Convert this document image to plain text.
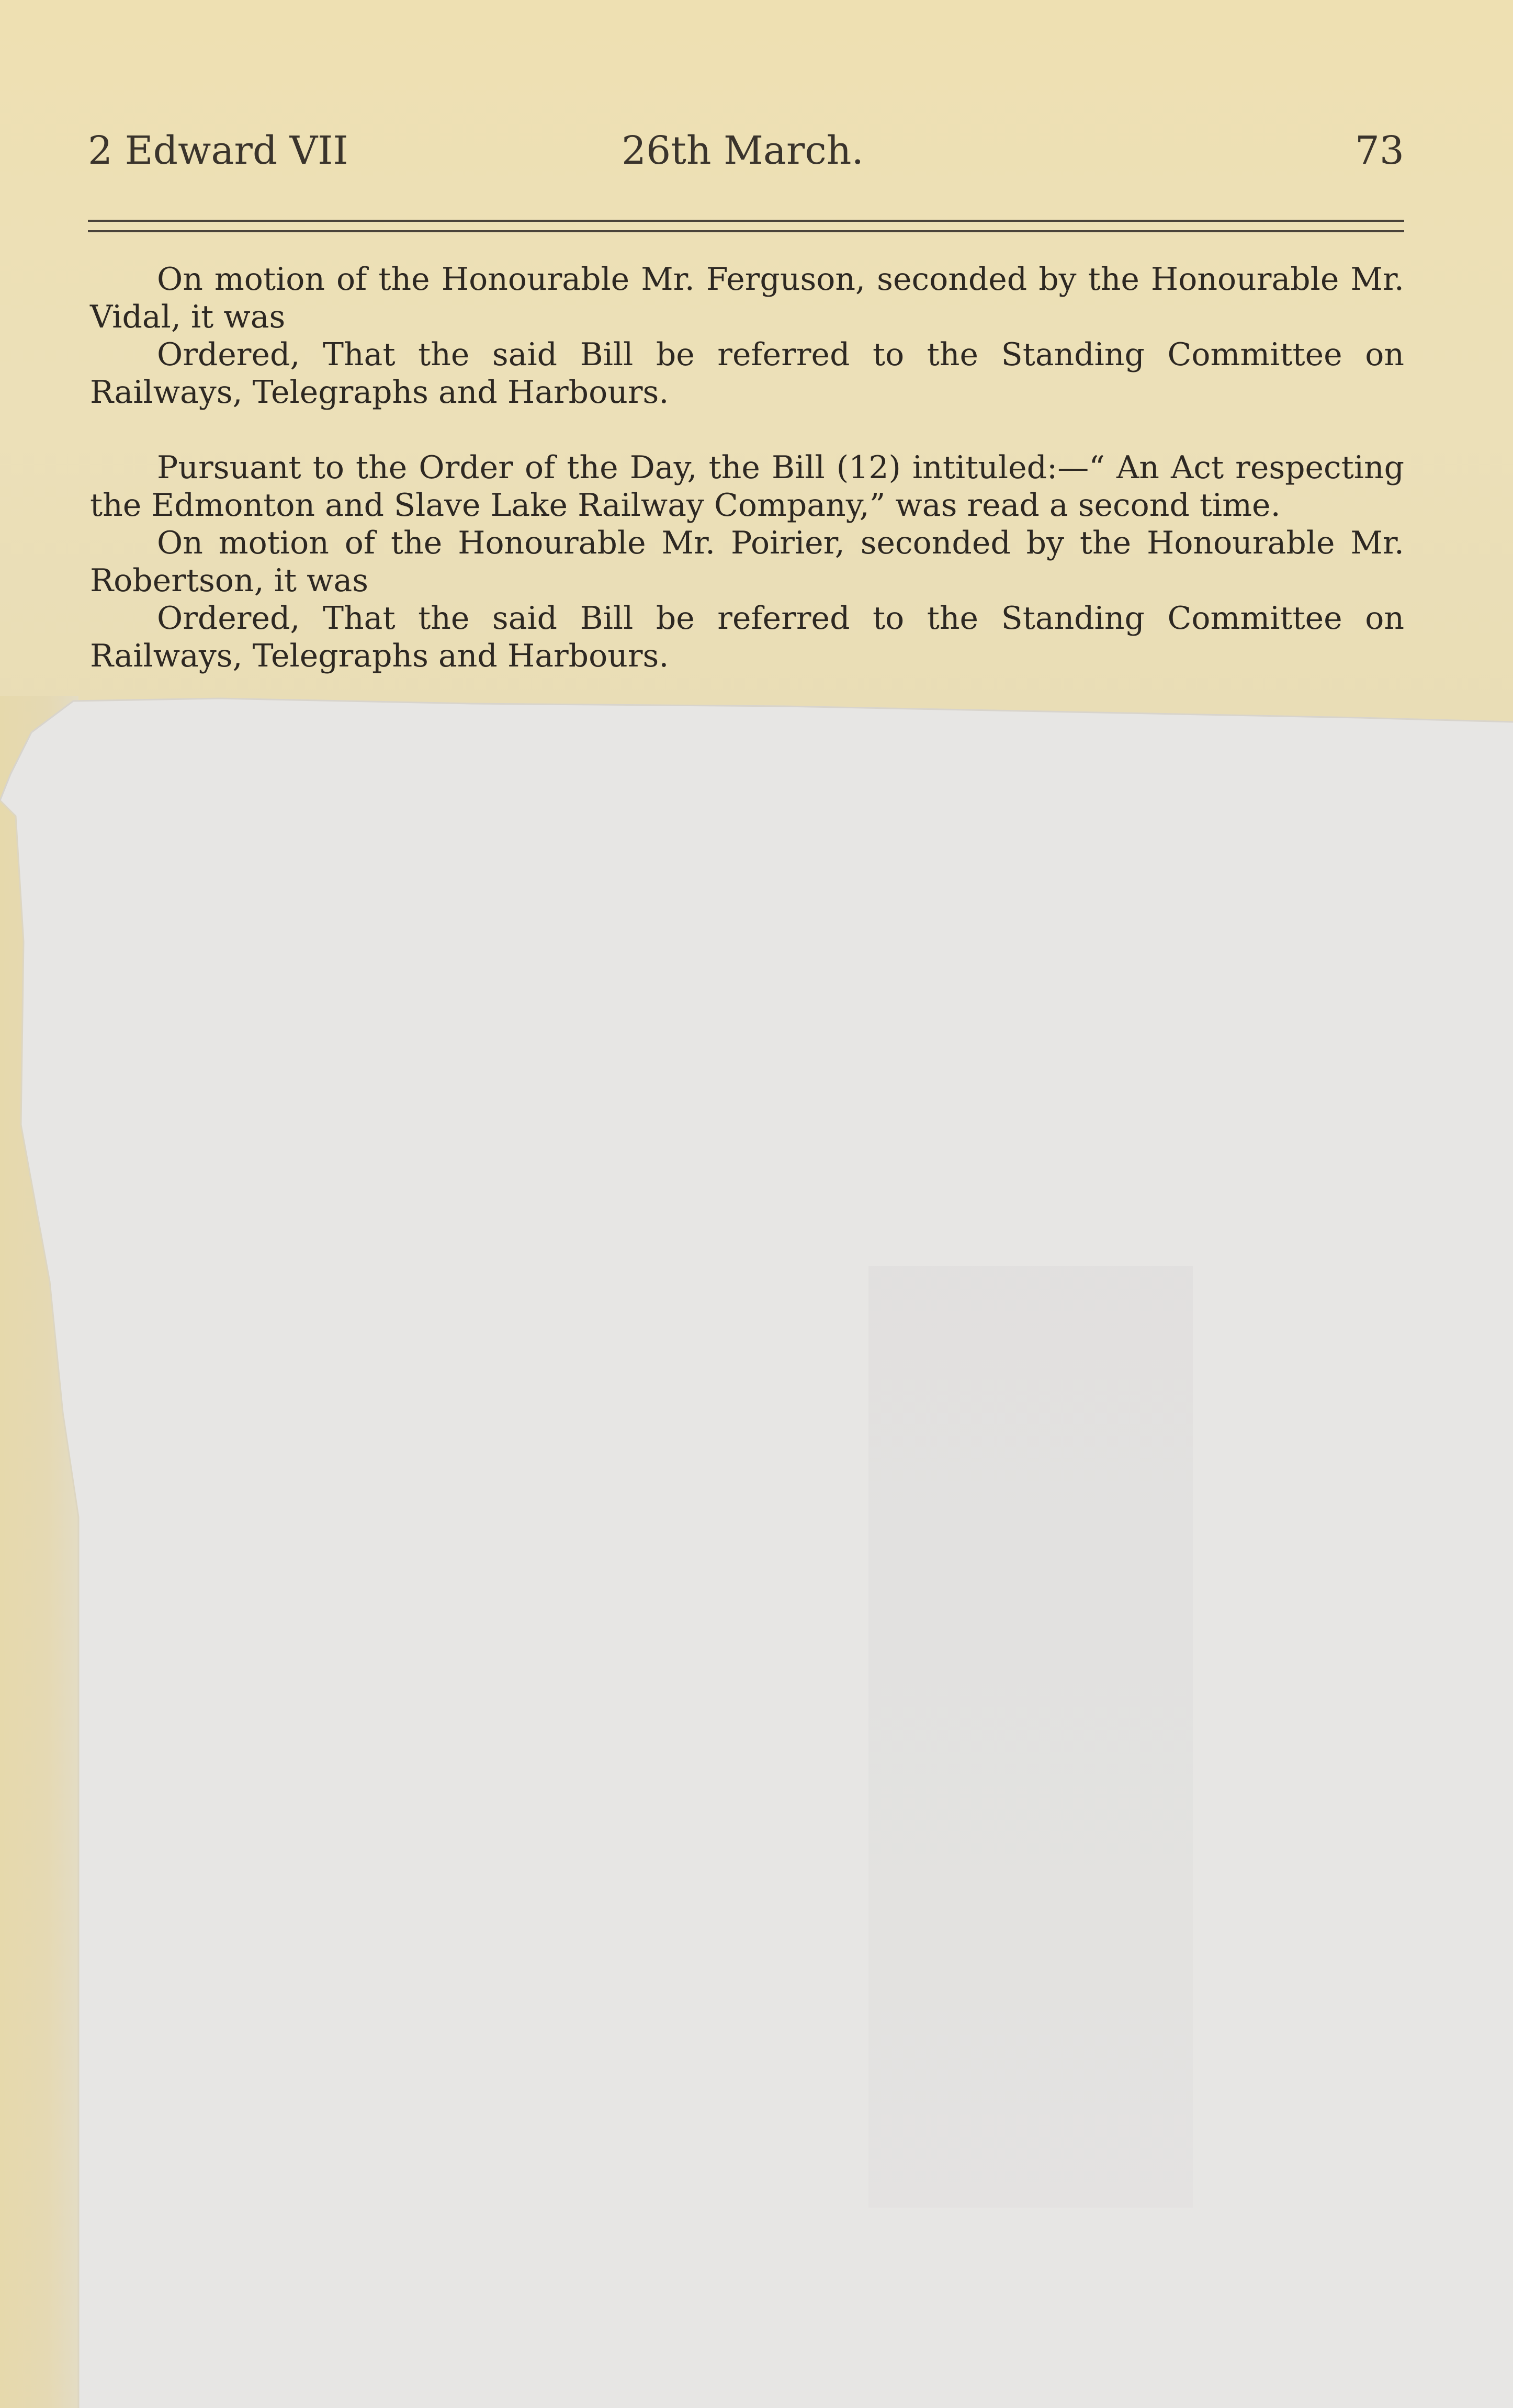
2 Edward VII	26th March.	73

On motion of the Honourable Mr. Ferguson, seconded by the Honourable Mr. Vidal, it was

Ordered, That the said Bill be referred to the Standing Committee on Railways, Telegraphs and Harbours.

Pursuant to the Order of the Day, the Bill (12) intituled:—“ An Act respecting the Edmonton and Slave Lake Railway Company,” was read a second time.

On motion of the Honourable Mr. Poirier, seconded by the Honourable Mr. Robertson, it was

Ordered, That the said Bill be referred to the Standing Committee on Railways, Telegraphs and Harbours.
